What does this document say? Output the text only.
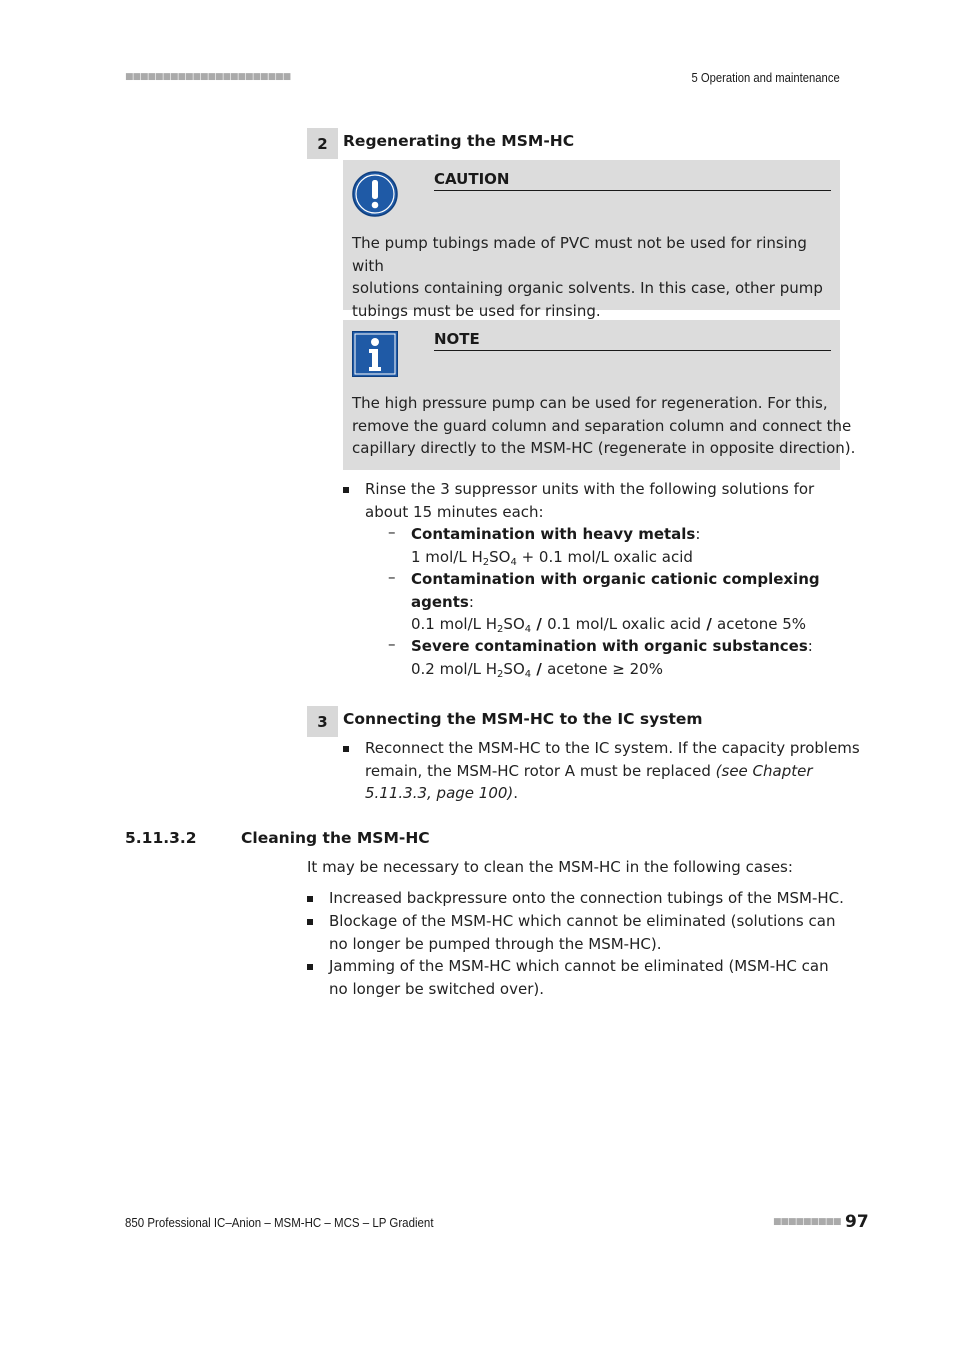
■■■■■■■■■■■■■■■■■■■■■■	5 Operation and maintenance
2 Regenerating the MSM-HC
CAUTION
The pump tubings made of PVC must not be used for rinsing with
solutions containing organic solvents. In this case, other pump
tubings must be used for rinsing.
NOTE
The high pressure pump can be used for regeneration. For this,
remove the guard column and separation column and connect the
capillary directly to the MSM-HC (regenerate in opposite direction).
Rinse the 3 suppressor units with the following solutions for
about 15 minutes each:
– Contamination with heavy metals:
1 mol/L $H_2SO_4 + 0.1$ mol/L oxalic acid
– Contamination with organic cationic complexing
agents:
0.1 mol/L $H_2SO_4 / 0.1$ mol/L oxalic acid / acetone 5%
– Severe contamination with organic substances:
0.2 mol/L $H_2SO_4$ / acetone ≥ 20%
3 Connecting the MSM-HC to the IC system
Reconnect the MSM-HC to the IC system. If the capacity problems
remain, the MSM-HC rotor A must be replaced (see Chapter
5.11.3.3, page 100).
5.11.3.2	Cleaning the MSM-HC
It may be necessary to clean the MSM-HC in the following cases:
Increased backpressure onto the connection tubings of the MSM-HC.
Blockage of the MSM-HC which cannot be eliminated (solutions can
no longer be pumped through the MSM-HC).
Jamming of the MSM-HC which cannot be eliminated (MSM-HC can
no longer be switched over).
850 Professional IC–Anion – MSM-HC – MCS – LP Gradient	■■■■■■■■■ 97
